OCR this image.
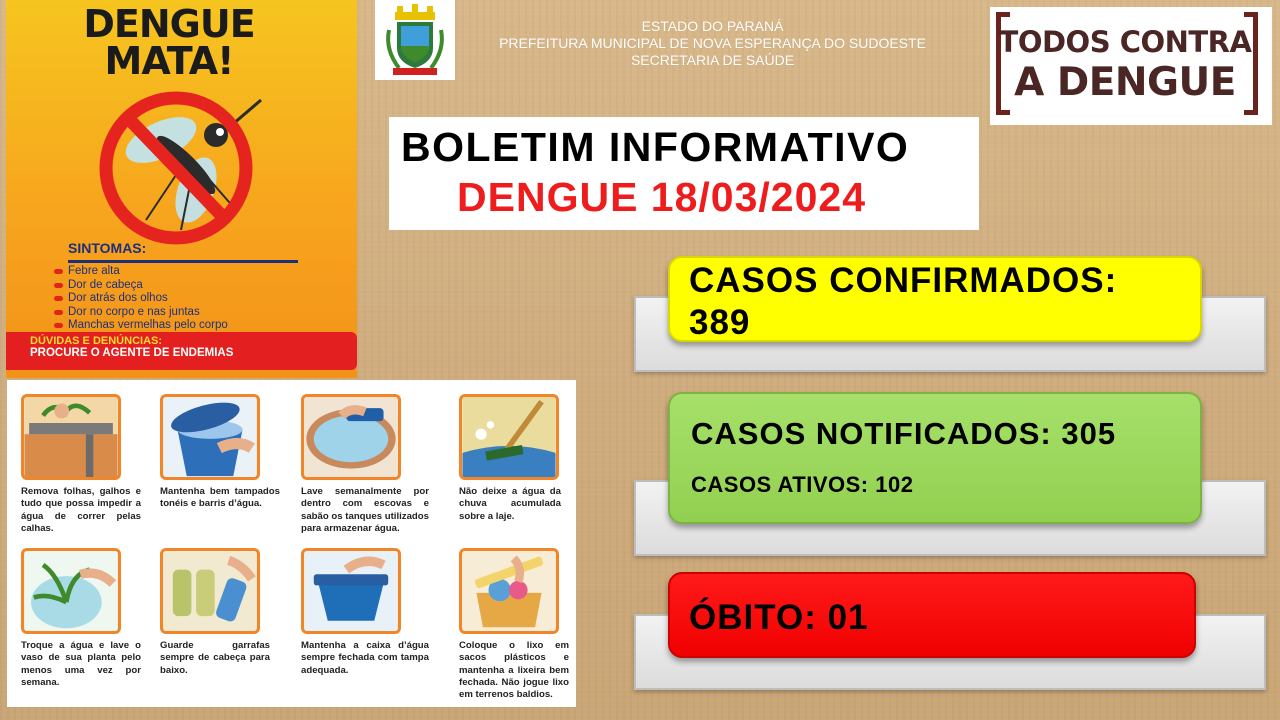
DENGUE
MATA!
SINTOMAS:
Febre alta
Dor de cabeça
Dor atrás dos olhos
Dor no corpo e nas juntas
Manchas vermelhas pelo corpo
DÚVIDAS E DENÚNCIAS:
PROCURE O AGENTE DE ENDEMIAS
Remova folhas, galhos e tudo que possa impedir a água de correr pelas calhas.
Mantenha bem tampados tonéis e barris d’água.
Lave semanalmente por dentro com escovas e sabão os tanques utilizados para armazenar água.
Não deixe a água da chuva acumulada sobre a laje.
Troque a água e lave o vaso de sua planta pelo menos uma vez por semana.
Guarde garrafas sempre de cabeça para baixo.
Mantenha a caixa d’água sempre fechada com tampa adequada.
Coloque o lixo em sacos plásticos e mantenha a lixeira bem fechada. Não jogue lixo em terrenos baldios.
ESTADO DO PARANÁ
PREFEITURA MUNICIPAL DE NOVA ESPERANÇA DO SUDOESTE
SECRETARIA DE SAÚDE
TODOS CONTRA
A DENGUE
BOLETIM INFORMATIVO
DENGUE 18/03/2024
CASOS CONFIRMADOS:
389
CASOS NOTIFICADOS: 305
CASOS ATIVOS: 102
ÓBITO: 01
